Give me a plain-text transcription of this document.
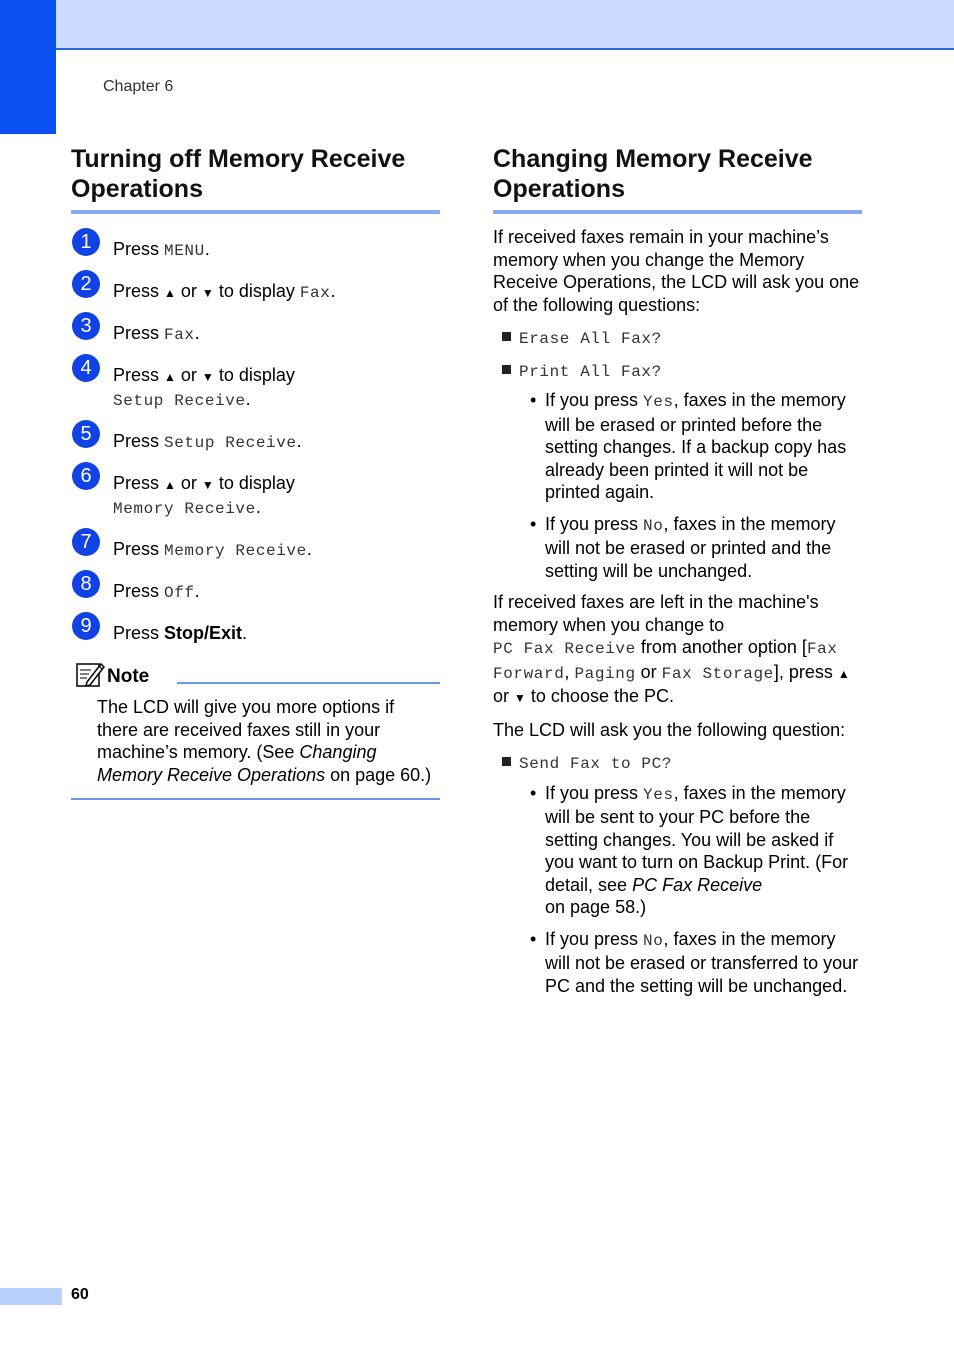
Chapter 6
Turning off Memory Receive
Operations
1	Press MENU.
2	Press ▲ or ▼ to display Fax.
3	Press Fax.
4	Press ▲ or ▼ to display
Setup Receive.
5	Press Setup Receive.
6	Press ▲ or ▼ to display
Memory Receive.
7	Press Memory Receive.
8	Press Off.
9	Press Stop/Exit.
Note
The LCD will give you more options if there are received faxes still in your machine’s memory. (See Changing Memory Receive Operations on page 60.)
Changing Memory Receive
Operations

If received faxes remain in your machine’s memory when you change the Memory Receive Operations, the LCD will ask you one of the following questions:

Erase All Fax?

Print All Fax?

• If you press Yes, faxes in the memory will be erased or printed before the setting changes. If a backup copy has already been printed it will not be printed again.
• If you press No, faxes in the memory will not be erased or printed and the setting will be unchanged.

If received faxes are left in the machine's memory when you change to
PC Fax Receive from another option [Fax Forward, Paging or Fax Storage], press ▲ or ▼ to choose the PC.

The LCD will ask you the following question:

Send Fax to PC?

• If you press Yes, faxes in the memory will be sent to your PC before the setting changes. You will be asked if you want to turn on Backup Print. (For detail, see PC Fax Receive
on page 58.)
• If you press No, faxes in the memory will not be erased or transferred to your PC and the setting will be unchanged.
60
